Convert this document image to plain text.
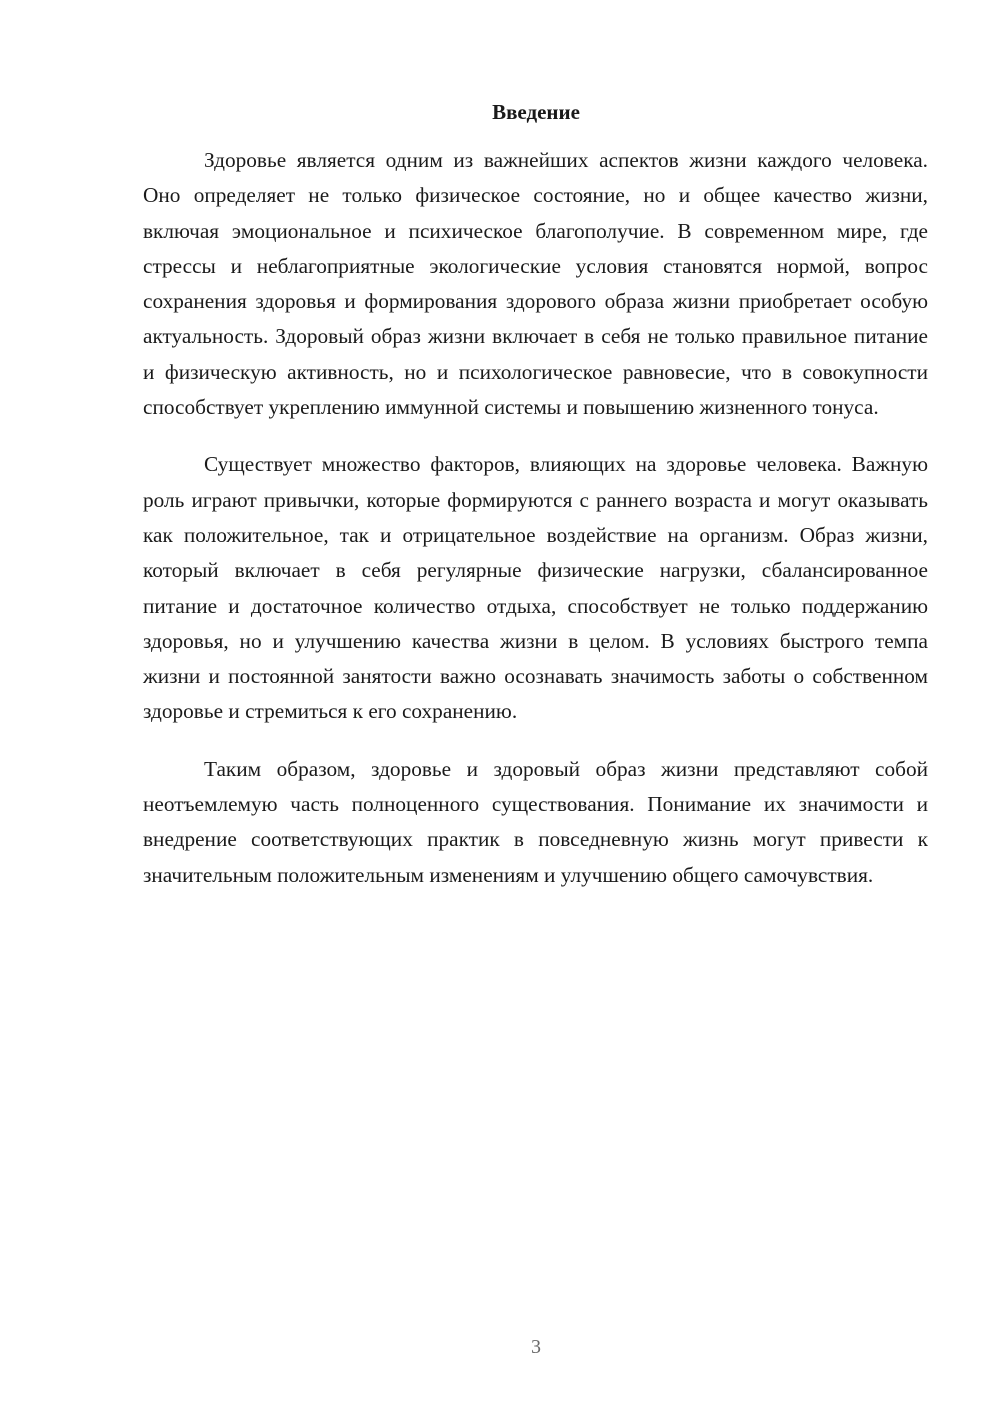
Введение

Здоровье является одним из важнейших аспектов жизни каждого человека. Оно определяет не только физическое состояние, но и общее качество жизни, включая эмоциональное и психическое благополучие. В современном мире, где стрессы и неблагоприятные экологические условия становятся нормой, вопрос сохранения здоровья и формирования здорового образа жизни приобретает особую актуальность. Здоровый образ жизни включает в себя не только правильное питание и физическую активность, но и психологическое равновесие, что в совокупности способствует укреплению иммунной системы и повышению жизненного тонуса.

Существует множество факторов, влияющих на здоровье человека. Важную роль играют привычки, которые формируются с раннего возраста и могут оказывать как положительное, так и отрицательное воздействие на организм. Образ жизни, который включает в себя регулярные физические нагрузки, сбалансированное питание и достаточное количество отдыха, способствует не только поддержанию здоровья, но и улучшению качества жизни в целом. В условиях быстрого темпа жизни и постоянной занятости важно осознавать значимость заботы о собственном здоровье и стремиться к его сохранению.

Таким образом, здоровье и здоровый образ жизни представляют собой неотъемлемую часть полноценного существования. Понимание их значимости и внедрение соответствующих практик в повседневную жизнь могут привести к значительным положительным изменениям и улучшению общего самочувствия.

3
